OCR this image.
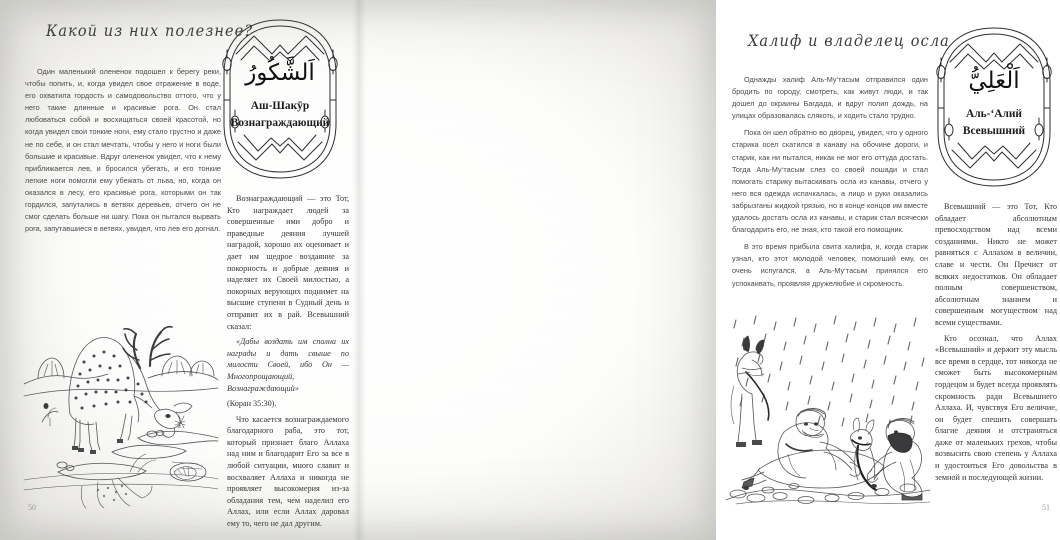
Какой из них полезнее?

Один маленький олененок подошел к берегу реки, чтобы попить, и, когда увидел свое отражение в воде, его охватила гордость и самодовольство оттого, что у него такие длинные и красивые рога. Он стал любоваться собой и восхищаться своей красотой, но когда увидел свои тонкие ноги, ему стало грустно и даже не по себе, и он стал мечтать, чтобы у него и ноги были большие и красивые. Вдруг олененок увидел, что к нему приближается лев, и бросился убегать, и его тонкие легкие ноги помогли ему убежать от льва, но, когда он оказался в лесу, его красивые рога, которыми он так гордился, запутались в ветвях деревьев, отчего он не смог сделать больше ни шагу. Пока он пытался вырвать рога, запутавшиеся в ветвях, увидел, что лев его догнал.

اَلشَّكُورُ
Аш-Шакӯр
Вознаграждающий

Вознаграждающий — это Тот, Кто награждает людей за совершенные ими добро и праведные деяния лучшей наградой, хорошо их оценивает и дает им щедрое воздаяние за покорность и добрые деяния и наделяет их Своей милостью, а покорных верующих поднимет на высшие ступени в Судный день и отправит их в рай. Всевышний сказал:

«Дабы воздать им сполна их награды и дать свыше по милости Своей, ибо Он — Многопрощающий, Вознаграждающий»

(Коран 35:30).

Что касается вознаграждаемого благодарного раба, это тот, который признает благо Аллаха над ним и благодарит Его за все в любой ситуации, много славит и восхваляет Аллаха и никогда не проявляет высокомерия из-за обладания тем, чем наделил его Аллах, или если Аллах даровал ему то, чего не дал другим.

50
Халиф и владелец осла

Однажды халиф Аль-Му‘тасым отправился один бродить по городу, смотреть, как живут люди, и так дошел до окраины Багдада, и вдруг полил дождь, на улицах образовалась слякоть, и ходить стало трудно.

Пока он шел обратно во дворец, увидел, что у одного старика осел скатился в канаву на обочине дороги, и старик, как ни пытался, никак не мог его оттуда достать. Тогда Аль-Му‘тасым слез со своей лошади и стал помогать старику вытаскивать осла из канавы, отчего у него вся одежда испачкалась, а лицо и руки оказались забрызганы жидкой грязью, но в конце концов им вместе удалось достать осла из канавы, и старик стал всячески благодарить его, не зная, кто такой его помощник.

В это время прибыла свита халифа, и, когда старик узнал, кто этот молодой человек, помогший ему, он очень испугался, а Аль-Му‘тасым принялся его успокаивать, проявляя дружелюбие и скромность.

اَلْعَلِيُّ
Аль-‘Алий
Всевышний

Всевышний — это Тот, Кто обладает абсолютным превосходством над всеми созданиями. Никто не может равняться с Аллахом в величии, славе и чести. Он Пречист от всяких недостатков. Он обладает полным совершенством, абсолютным знанием и совершенным могуществом над всеми существами.

Кто осознал, что Аллах «Всевышний» и держит эту мысль все время в сердце, тот никогда не сможет быть высокомерным гордецом и будет всегда проявлять скромность ради Всевышнего Аллаха. И, чувствуя Его величие, он будет спешить совершать благие деяния и отстраняться даже от маленьких грехов, чтобы возвысить свою степень у Аллаха и удостоиться Его довольства в земной и последующей жизни.

51
